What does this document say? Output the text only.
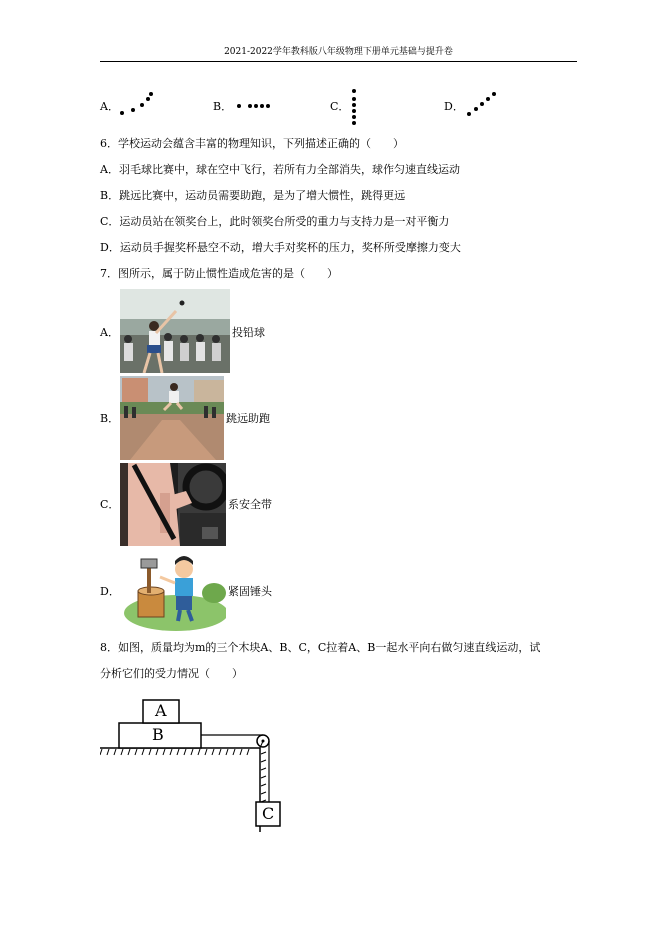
2021-2022学年教科版八年级物理下册单元基础与提升卷
A．	B．	C．	D．
6．学校运动会蕴含丰富的物理知识，下列描述正确的（　　）
A．羽毛球比赛中，球在空中飞行，若所有力全部消失，球作匀速直线运动
B．跳远比赛中，运动员需要助跑，是为了增大惯性，跳得更远
C．运动员站在领奖台上，此时领奖台所受的重力与支持力是一对平衡力
D．运动员手握奖杯悬空不动，增大手对奖杯的压力，奖杯所受摩擦力变大
7．图所示，属于防止惯性造成危害的是（　　）
A．	投铅球
B．	跳远助跑
C．	系安全带
D．	紧固锤头
8．如图，质量均为m的三个木块A、B、C，C拉着A、B一起水平向右做匀速直线运动，试
分析它们的受力情况（　　）
A
B
C
